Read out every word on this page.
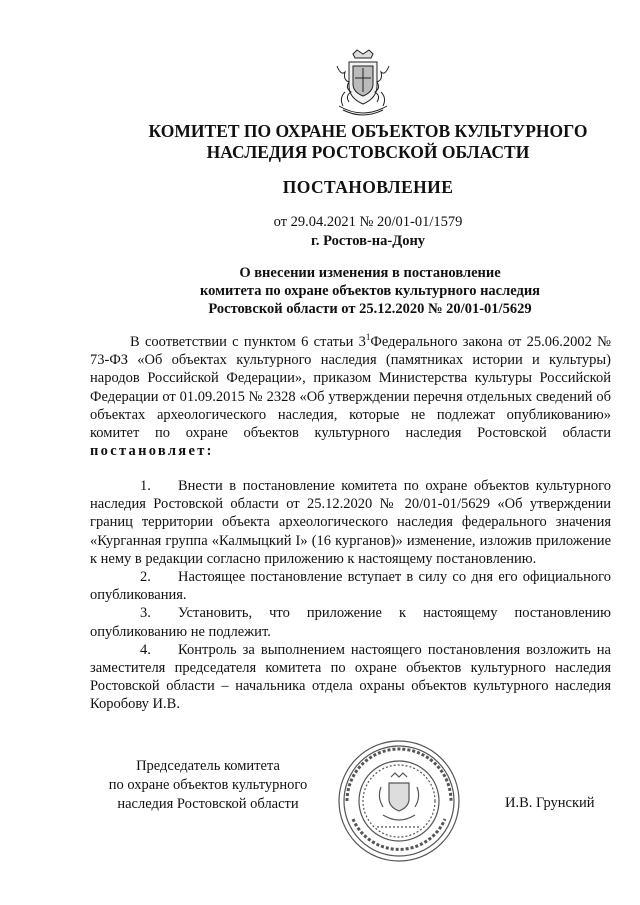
КОМИТЕТ ПО ОХРАНЕ ОБЪЕКТОВ КУЛЬТУРНОГО
НАСЛЕДИЯ РОСТОВСКОЙ ОБЛАСТИ
ПОСТАНОВЛЕНИЕ
от 29.04.2021 № 20/01-01/1579
г. Ростов-на-Дону
О внесении изменения в постановление
комитета по охране объектов культурного наследия
Ростовской области от 25.12.2020 № 20/01-01/5629
В соответствии с пунктом 6 статьи $3^1Федерального$ закона от 25.06.2002 № 73-ФЗ «Об объектах культурного наследия (памятниках истории и культуры) народов Российской Федерации», приказом Министерства культуры Российской Федерации от 01.09.2015 № 2328 «Об утверждении перечня отдельных сведений об объектах археологического наследия, которые не подлежат опубликованию» комитет по охране объектов культурного наследия Ростовской области постановляет:

1. Внести в постановление комитета по охране объектов культурного наследия Ростовской области от 25.12.2020 № 20/01-01/5629 «Об утверждении границ территории объекта археологического наследия федерального значения «Курганная группа «Калмыцкий I» (16 курганов)» изменение, изложив приложение к нему в редакции согласно приложению к настоящему постановлению.

2. Настоящее постановление вступает в силу со дня его официального опубликования.

3. Установить, что приложение к настоящему постановлению опубликованию не подлежит.

4. Контроль за выполнением настоящего постановления возложить на заместителя председателя комитета по охране объектов культурного наследия Ростовской области – начальника отдела охраны объектов культурного наследия Коробову И.В.

Председатель комитета
по охране объектов культурного
наследия Ростовской области	И.В. Грунский
